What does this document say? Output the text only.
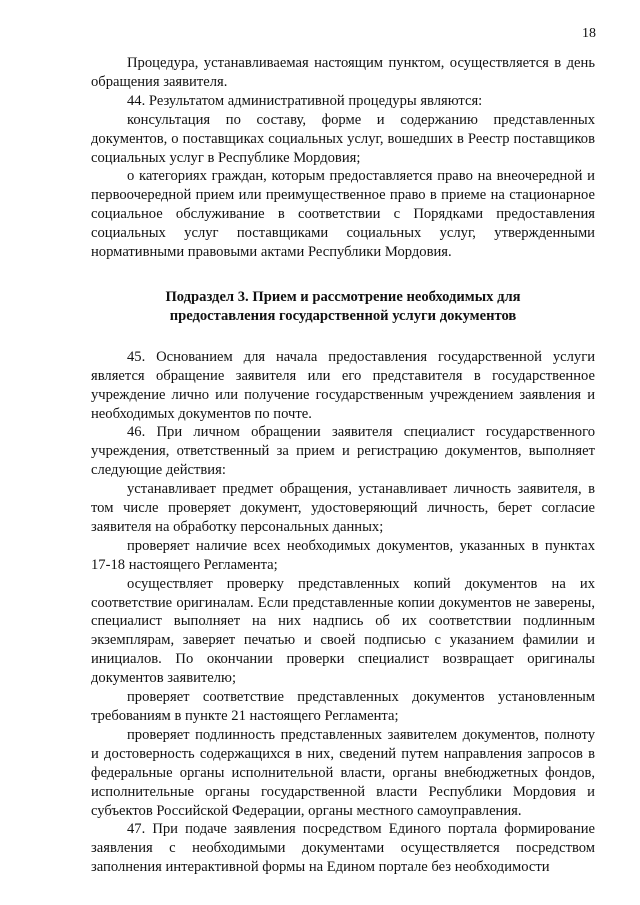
18

Процедура, устанавливаемая настоящим пунктом, осуществляется в день обращения заявителя.

44. Результатом административной процедуры являются:

консультация по составу, форме и содержанию представленных документов, о поставщиках социальных услуг, вошедших в Реестр поставщиков социальных услуг в Республике Мордовия;

о категориях граждан, которым предоставляется право на внеочередной и первоочередной прием или преимущественное право в приеме на стационарное социальное обслуживание в соответствии с Порядками предоставления социальных услуг поставщиками социальных услуг, утвержденными нормативными правовыми актами Республики Мордовия.

Подраздел 3. Прием и рассмотрение необходимых для
предоставления государственной услуги документов

45. Основанием для начала предоставления государственной услуги является обращение заявителя или его представителя в государственное учреждение лично или получение государственным учреждением заявления и необходимых документов по почте.

46. При личном обращении заявителя специалист государственного учреждения, ответственный за прием и регистрацию документов, выполняет следующие действия:

устанавливает предмет обращения, устанавливает личность заявителя, в том числе проверяет документ, удостоверяющий личность, берет согласие заявителя на обработку персональных данных;

проверяет наличие всех необходимых документов, указанных в пунктах 17-18 настоящего Регламента;

осуществляет проверку представленных копий документов на их соответствие оригиналам. Если представленные копии документов не заверены, специалист выполняет на них надпись об их соответствии подлинным экземплярам, заверяет печатью и своей подписью с указанием фамилии и инициалов. По окончании проверки специалист возвращает оригиналы документов заявителю;

проверяет соответствие представленных документов установленным требованиям в пункте 21 настоящего Регламента;

проверяет подлинность представленных заявителем документов, полноту и достоверность содержащихся в них, сведений путем направления запросов в федеральные органы исполнительной власти, органы внебюджетных фондов, исполнительные органы государственной власти Республики Мордовия и субъектов Российской Федерации, органы местного самоуправления.

47. При подаче заявления посредством Единого портала формирование заявления с необходимыми документами осуществляется посредством заполнения интерактивной формы на Едином портале без необходимости
